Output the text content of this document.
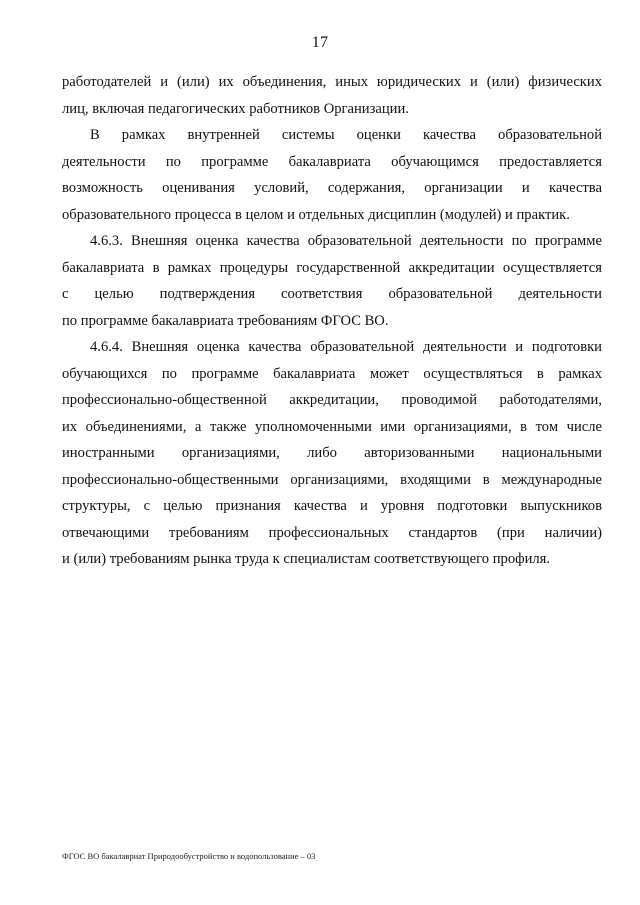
17
работодателей и (или) их объединения, иных юридических и (или) физических
лиц, включая педагогических работников Организации.
В рамках внутренней системы оценки качества образовательной
деятельности по программе бакалавриата обучающимся предоставляется
возможность оценивания условий, содержания, организации и качества
образовательного процесса в целом и отдельных дисциплин (модулей) и практик.
4.6.3. Внешняя оценка качества образовательной деятельности по программе
бакалавриата в рамках процедуры государственной аккредитации осуществляется
с целью подтверждения соответствия образовательной деятельности
по программе бакалавриата требованиям ФГОС ВО.
4.6.4. Внешняя оценка качества образовательной деятельности и подготовки
обучающихся по программе бакалавриата может осуществляться в рамках
профессионально-общественной аккредитации, проводимой работодателями,
их объединениями, а также уполномоченными ими организациями, в том числе
иностранными организациями, либо авторизованными национальными
профессионально-общественными организациями, входящими в международные
структуры, с целью признания качества и уровня подготовки выпускников
отвечающими требованиям профессиональных стандартов (при наличии)
и (или) требованиям рынка труда к специалистам соответствующего профиля.
ФГОС ВО бакалавриат Природообустройство и водопользование – 03
